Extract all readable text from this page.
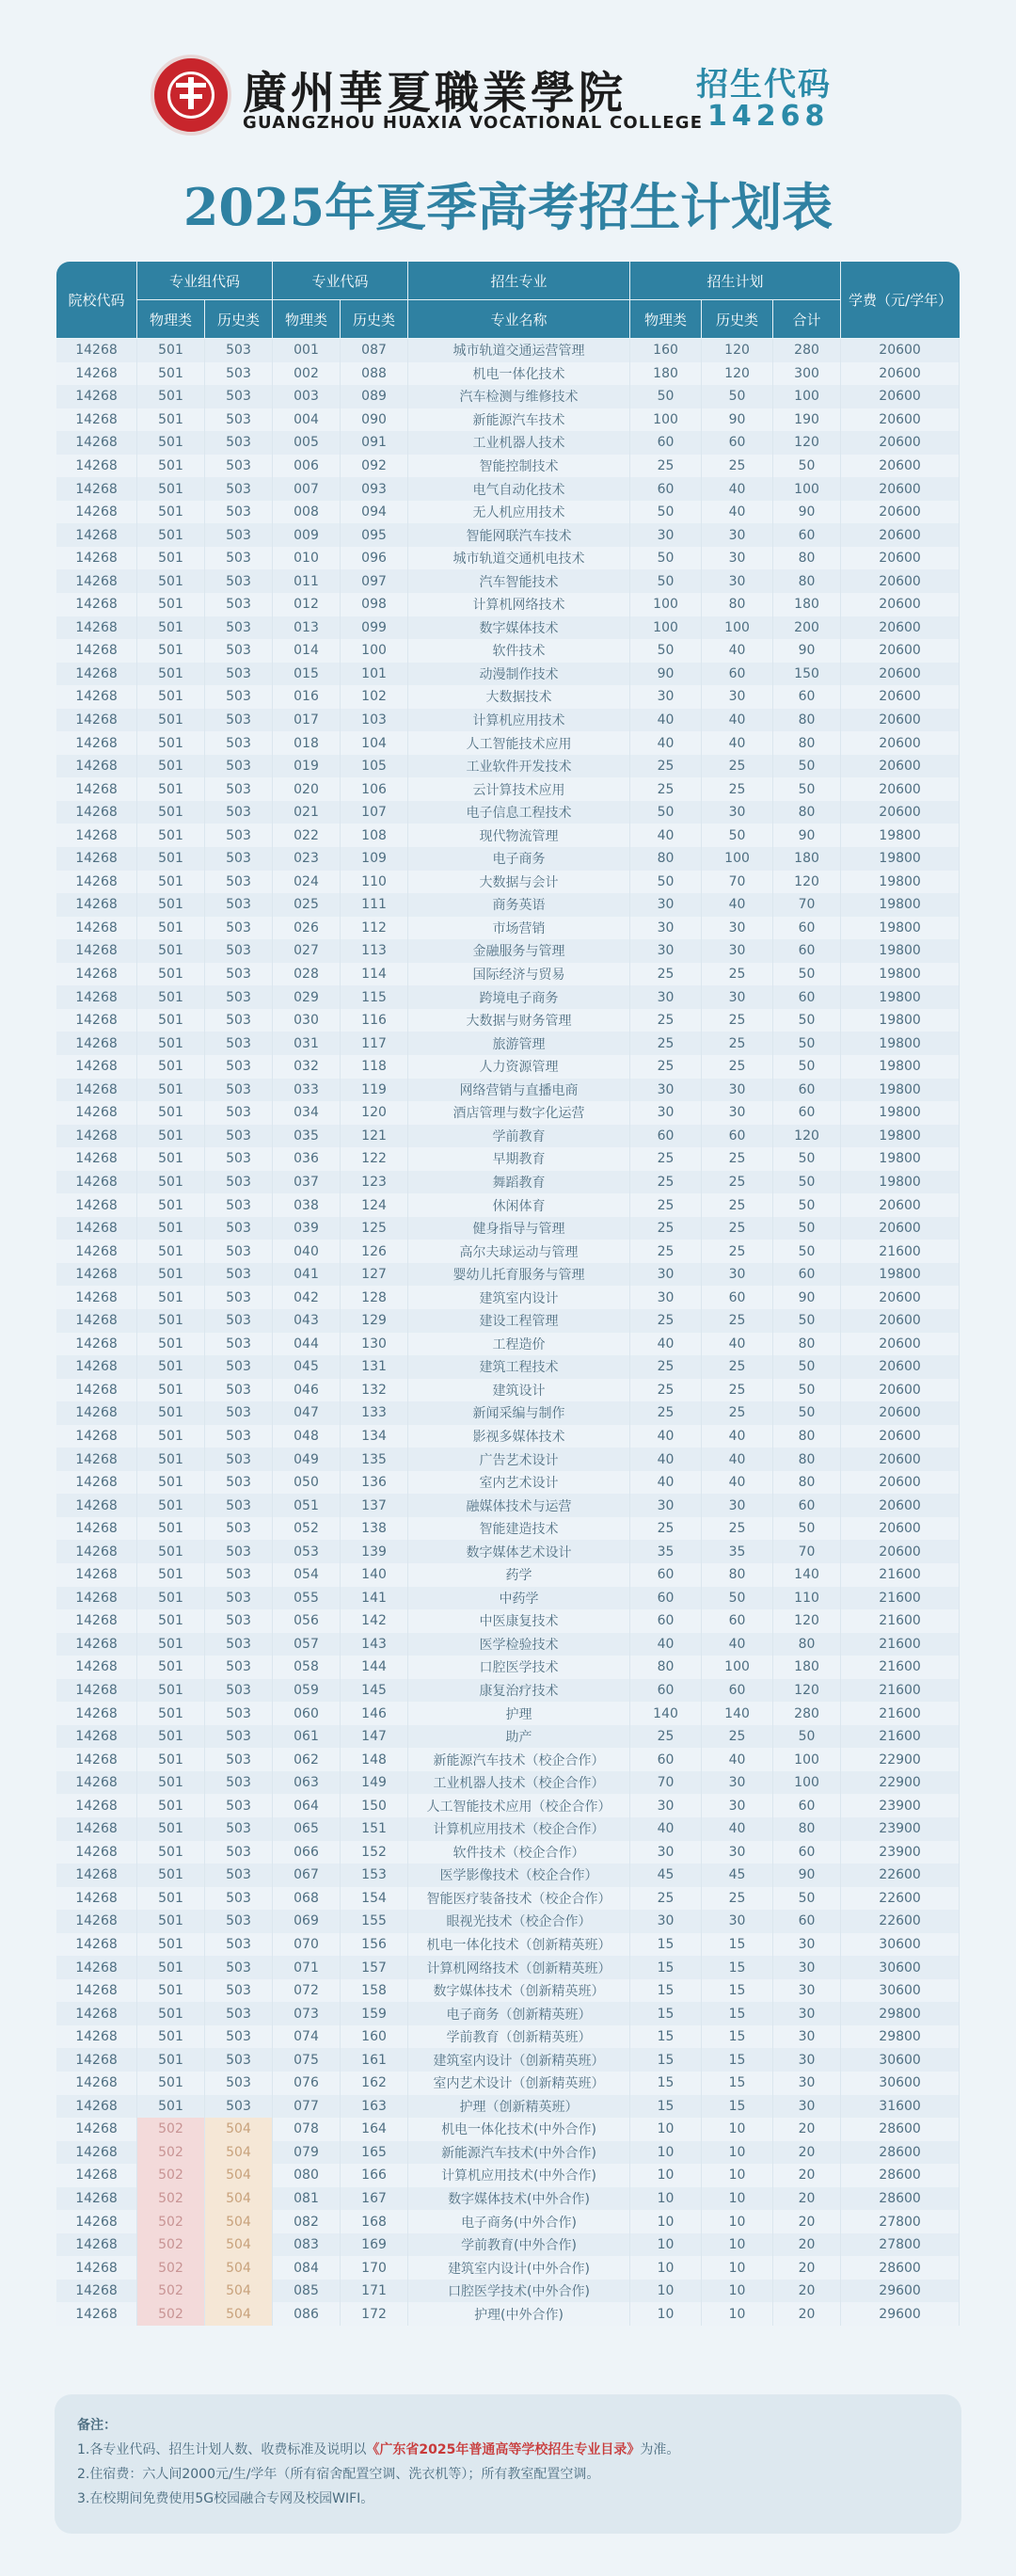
廣州華夏職業學院
GUANGZHOU HUAXIA VOCATIONAL COLLEGE
招生代码
14268
2025年夏季高考招生计划表
院校代码	专业组代码		专业代码		招生专业	招生计划			学费（元/学年）
	物理类	历史类	物理类	历史类	专业名称	物理类	历史类	合计	
14268	501	503	001	087	城市轨道交通运营管理	160	120	280	20600
14268	501	503	002	088	机电一体化技术	180	120	300	20600
14268	501	503	003	089	汽车检测与维修技术	50	50	100	20600
14268	501	503	004	090	新能源汽车技术	100	90	190	20600
14268	501	503	005	091	工业机器人技术	60	60	120	20600
14268	501	503	006	092	智能控制技术	25	25	50	20600
14268	501	503	007	093	电气自动化技术	60	40	100	20600
14268	501	503	008	094	无人机应用技术	50	40	90	20600
14268	501	503	009	095	智能网联汽车技术	30	30	60	20600
14268	501	503	010	096	城市轨道交通机电技术	50	30	80	20600
14268	501	503	011	097	汽车智能技术	50	30	80	20600
14268	501	503	012	098	计算机网络技术	100	80	180	20600
14268	501	503	013	099	数字媒体技术	100	100	200	20600
14268	501	503	014	100	软件技术	50	40	90	20600
14268	501	503	015	101	动漫制作技术	90	60	150	20600
14268	501	503	016	102	大数据技术	30	30	60	20600
14268	501	503	017	103	计算机应用技术	40	40	80	20600
14268	501	503	018	104	人工智能技术应用	40	40	80	20600
14268	501	503	019	105	工业软件开发技术	25	25	50	20600
14268	501	503	020	106	云计算技术应用	25	25	50	20600
14268	501	503	021	107	电子信息工程技术	50	30	80	20600
14268	501	503	022	108	现代物流管理	40	50	90	19800
14268	501	503	023	109	电子商务	80	100	180	19800
14268	501	503	024	110	大数据与会计	50	70	120	19800
14268	501	503	025	111	商务英语	30	40	70	19800
14268	501	503	026	112	市场营销	30	30	60	19800
14268	501	503	027	113	金融服务与管理	30	30	60	19800
14268	501	503	028	114	国际经济与贸易	25	25	50	19800
14268	501	503	029	115	跨境电子商务	30	30	60	19800
14268	501	503	030	116	大数据与财务管理	25	25	50	19800
14268	501	503	031	117	旅游管理	25	25	50	19800
14268	501	503	032	118	人力资源管理	25	25	50	19800
14268	501	503	033	119	网络营销与直播电商	30	30	60	19800
14268	501	503	034	120	酒店管理与数字化运营	30	30	60	19800
14268	501	503	035	121	学前教育	60	60	120	19800
14268	501	503	036	122	早期教育	25	25	50	19800
14268	501	503	037	123	舞蹈教育	25	25	50	19800
14268	501	503	038	124	休闲体育	25	25	50	20600
14268	501	503	039	125	健身指导与管理	25	25	50	20600
14268	501	503	040	126	高尔夫球运动与管理	25	25	50	21600
14268	501	503	041	127	婴幼儿托育服务与管理	30	30	60	19800
14268	501	503	042	128	建筑室内设计	30	60	90	20600
14268	501	503	043	129	建设工程管理	25	25	50	20600
14268	501	503	044	130	工程造价	40	40	80	20600
14268	501	503	045	131	建筑工程技术	25	25	50	20600
14268	501	503	046	132	建筑设计	25	25	50	20600
14268	501	503	047	133	新闻采编与制作	25	25	50	20600
14268	501	503	048	134	影视多媒体技术	40	40	80	20600
14268	501	503	049	135	广告艺术设计	40	40	80	20600
14268	501	503	050	136	室内艺术设计	40	40	80	20600
14268	501	503	051	137	融媒体技术与运营	30	30	60	20600
14268	501	503	052	138	智能建造技术	25	25	50	20600
14268	501	503	053	139	数字媒体艺术设计	35	35	70	20600
14268	501	503	054	140	药学	60	80	140	21600
14268	501	503	055	141	中药学	60	50	110	21600
14268	501	503	056	142	中医康复技术	60	60	120	21600
14268	501	503	057	143	医学检验技术	40	40	80	21600
14268	501	503	058	144	口腔医学技术	80	100	180	21600
14268	501	503	059	145	康复治疗技术	60	60	120	21600
14268	501	503	060	146	护理	140	140	280	21600
14268	501	503	061	147	助产	25	25	50	21600
14268	501	503	062	148	新能源汽车技术（校企合作）	60	40	100	22900
14268	501	503	063	149	工业机器人技术（校企合作）	70	30	100	22900
14268	501	503	064	150	人工智能技术应用（校企合作）	30	30	60	23900
14268	501	503	065	151	计算机应用技术（校企合作）	40	40	80	23900
14268	501	503	066	152	软件技术（校企合作）	30	30	60	23900
14268	501	503	067	153	医学影像技术（校企合作）	45	45	90	22600
14268	501	503	068	154	智能医疗装备技术（校企合作）	25	25	50	22600
14268	501	503	069	155	眼视光技术（校企合作）	30	30	60	22600
14268	501	503	070	156	机电一体化技术（创新精英班）	15	15	30	30600
14268	501	503	071	157	计算机网络技术（创新精英班）	15	15	30	30600
14268	501	503	072	158	数字媒体技术（创新精英班）	15	15	30	30600
14268	501	503	073	159	电子商务（创新精英班）	15	15	30	29800
14268	501	503	074	160	学前教育（创新精英班）	15	15	30	29800
14268	501	503	075	161	建筑室内设计（创新精英班）	15	15	30	30600
14268	501	503	076	162	室内艺术设计（创新精英班）	15	15	30	30600
14268	501	503	077	163	护理（创新精英班）	15	15	30	31600
14268	502	504	078	164	机电一体化技术(中外合作)	10	10	20	28600
14268	502	504	079	165	新能源汽车技术(中外合作)	10	10	20	28600
14268	502	504	080	166	计算机应用技术(中外合作)	10	10	20	28600
14268	502	504	081	167	数字媒体技术(中外合作)	10	10	20	28600
14268	502	504	082	168	电子商务(中外合作)	10	10	20	27800
14268	502	504	083	169	学前教育(中外合作)	10	10	20	27800
14268	502	504	084	170	建筑室内设计(中外合作)	10	10	20	28600
14268	502	504	085	171	口腔医学技术(中外合作)	10	10	20	29600
14268	502	504	086	172	护理(中外合作)	10	10	20	29600
备注：
1.各专业代码、招生计划人数、收费标准及说明以《广东省2025年普通高等学校招生专业目录》为准。
2.住宿费：六人间2000元/生/学年（所有宿舍配置空调、洗衣机等）；所有教室配置空调。
3.在校期间免费使用5G校园融合专网及校园WIFI。
